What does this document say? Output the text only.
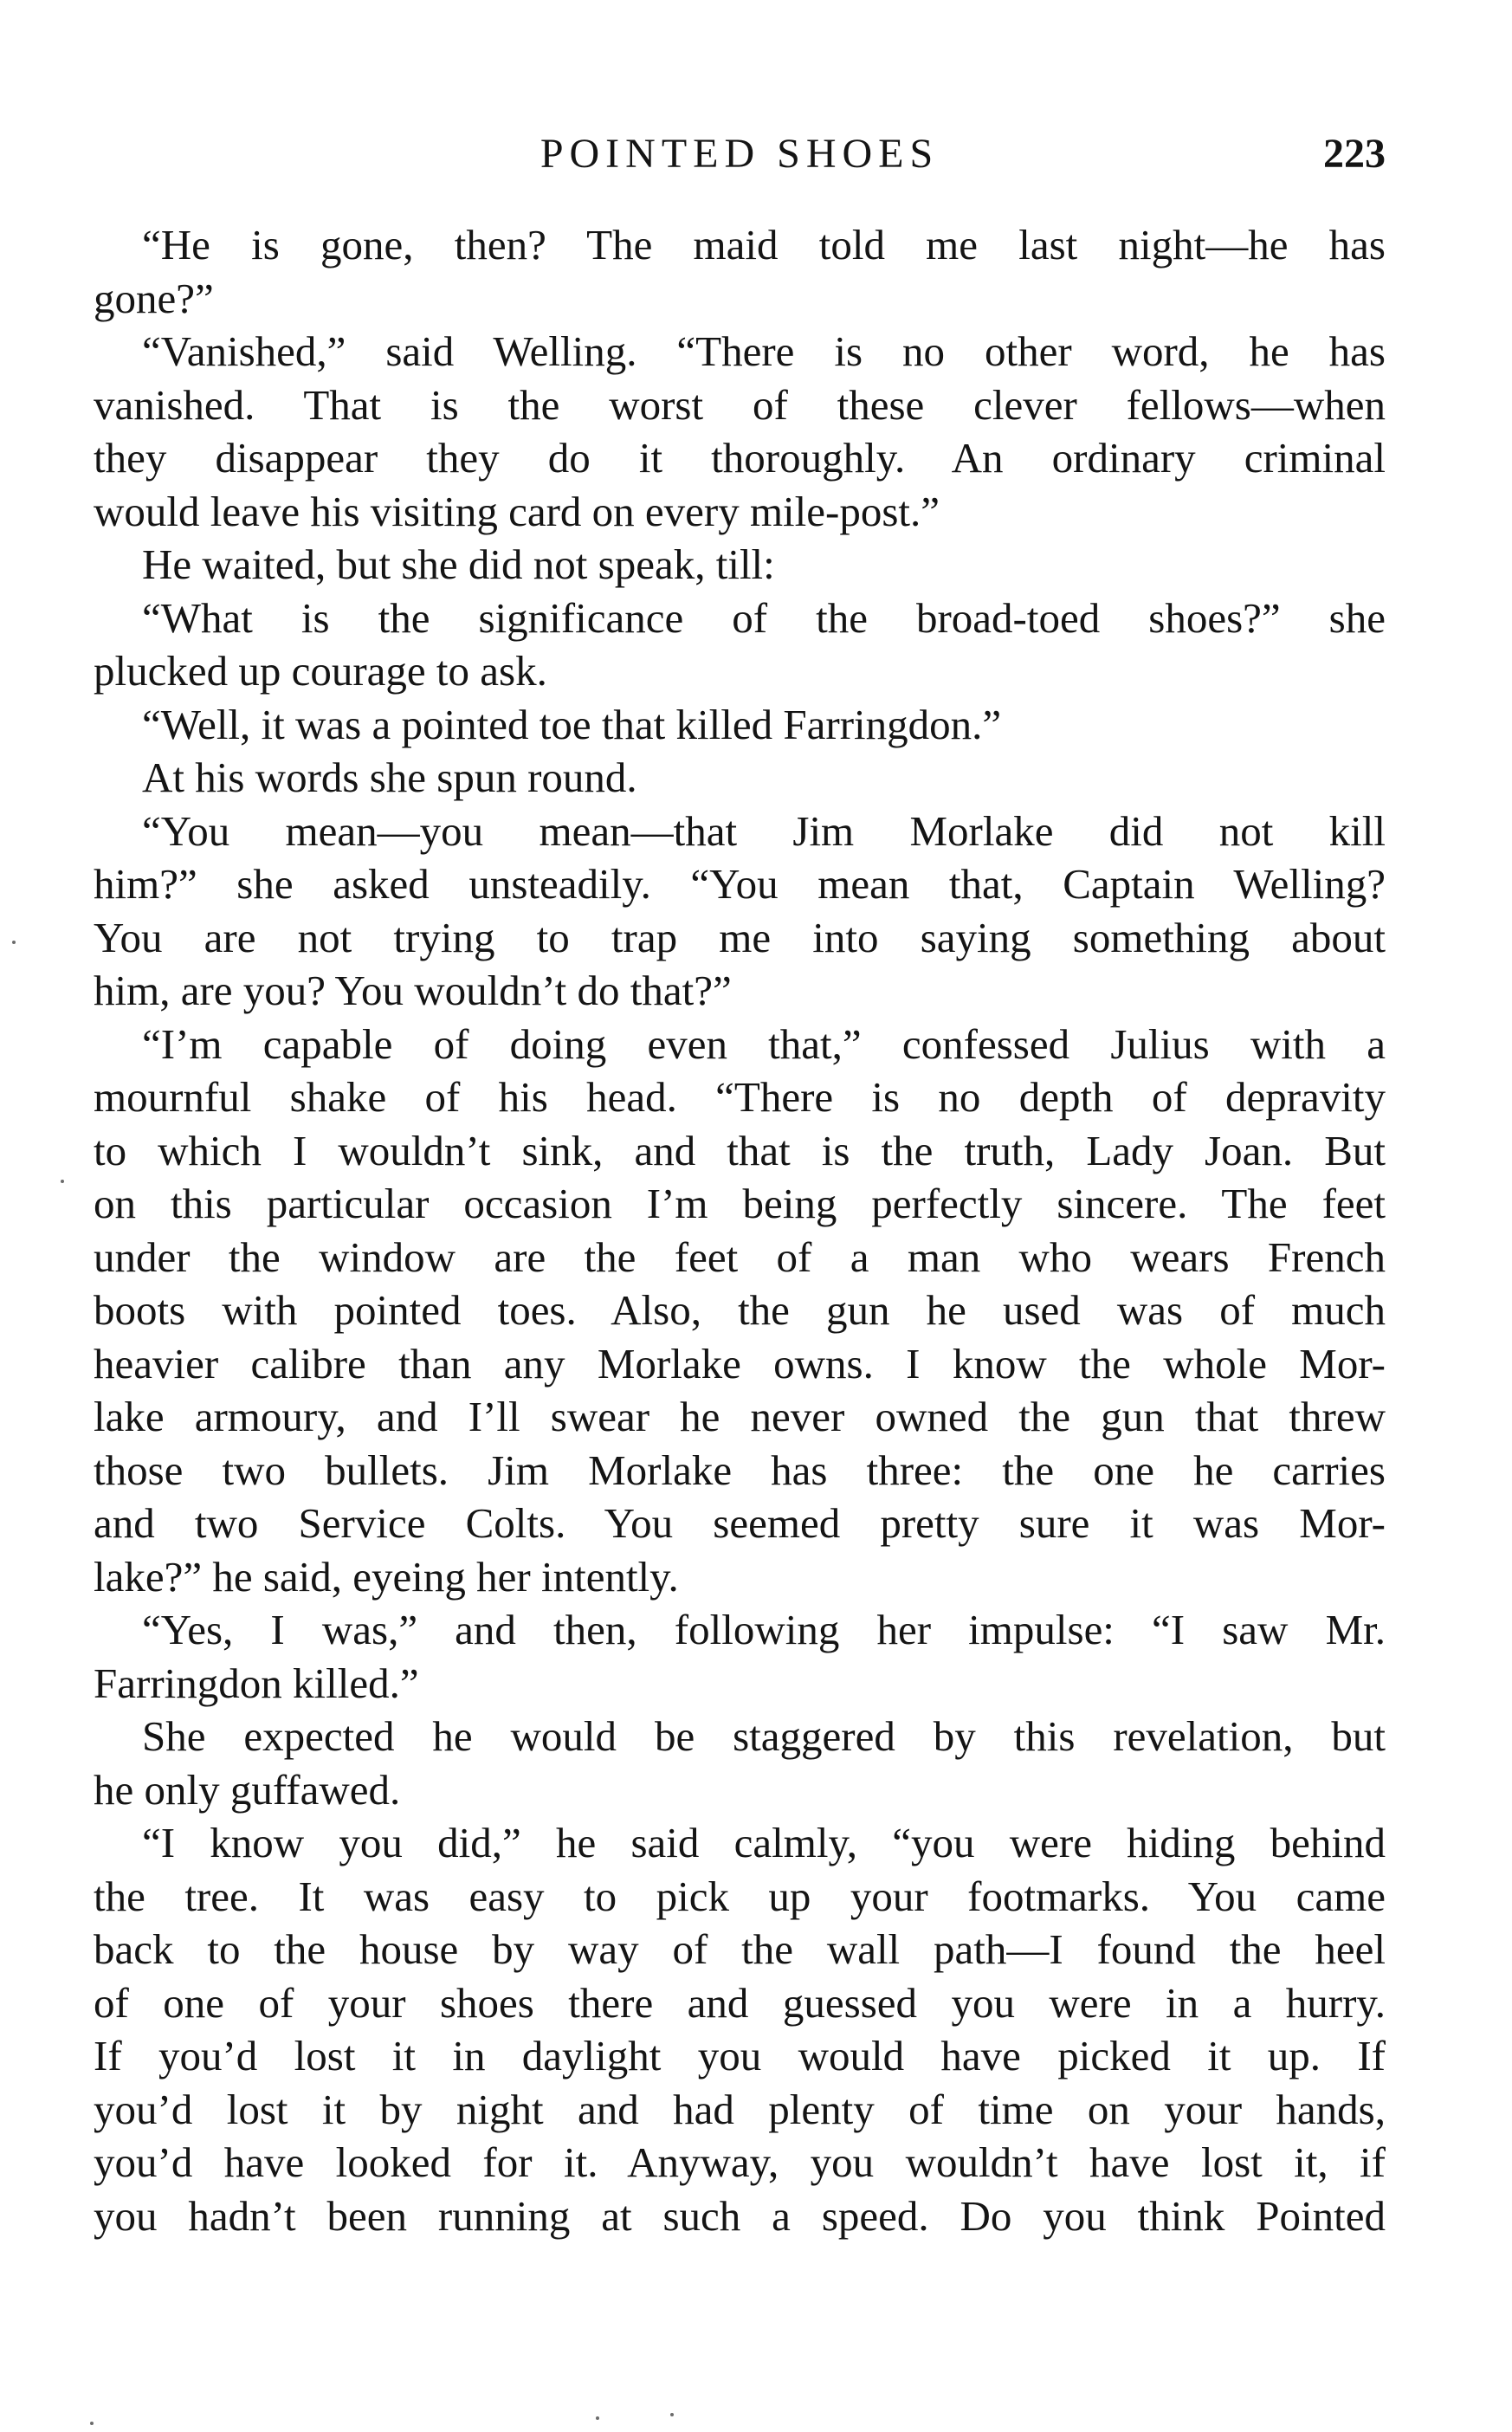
POINTED SHOES	223
“He is gone, then? The maid told me last night—he has
gone?”
“Vanished,” said Welling. “There is no other word, he has
vanished. That is the worst of these clever fellows—when
they disappear they do it thoroughly. An ordinary criminal
would leave his visiting card on every mile-post.”
He waited, but she did not speak, till:
“What is the significance of the broad-toed shoes?” she
plucked up courage to ask.
“Well, it was a pointed toe that killed Farringdon.”
At his words she spun round.
“You mean—you mean—that Jim Morlake did not kill
him?” she asked unsteadily. “You mean that, Captain Welling?
You are not trying to trap me into saying something about
him, are you? You wouldn’t do that?”
“I’m capable of doing even that,” confessed Julius with a
mournful shake of his head. “There is no depth of depravity
to which I wouldn’t sink, and that is the truth, Lady Joan. But
on this particular occasion I’m being perfectly sincere. The feet
under the window are the feet of a man who wears French
boots with pointed toes. Also, the gun he used was of much
heavier calibre than any Morlake owns. I know the whole Mor-
lake armoury, and I’ll swear he never owned the gun that threw
those two bullets. Jim Morlake has three: the one he carries
and two Service Colts. You seemed pretty sure it was Mor-
lake?” he said, eyeing her intently.
“Yes, I was,” and then, following her impulse: “I saw Mr.
Farringdon killed.”
She expected he would be staggered by this revelation, but
he only guffawed.
“I know you did,” he said calmly, “you were hiding behind
the tree. It was easy to pick up your footmarks. You came
back to the house by way of the wall path—I found the heel
of one of your shoes there and guessed you were in a hurry.
If you’d lost it in daylight you would have picked it up. If
you’d lost it by night and had plenty of time on your hands,
you’d have looked for it. Anyway, you wouldn’t have lost it, if
you hadn’t been running at such a speed. Do you think Pointed
